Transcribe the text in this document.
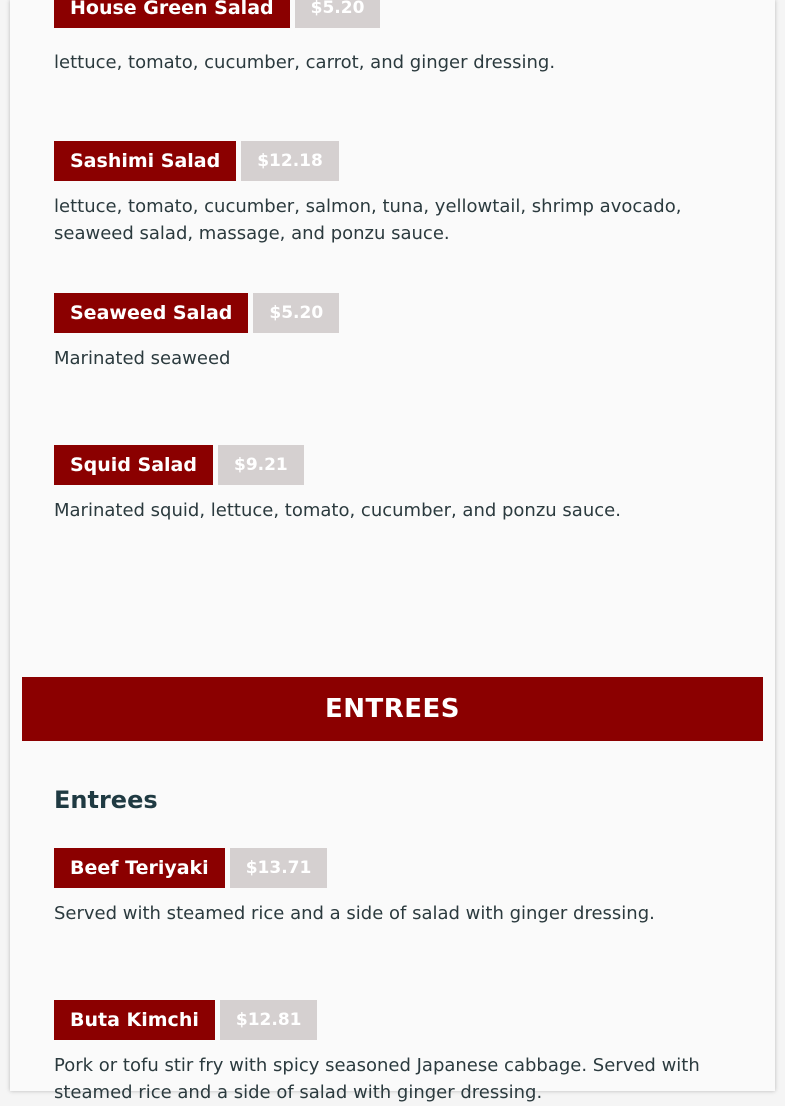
House Green Salad	$5.20
lettuce, tomato, cucumber, carrot, and ginger dressing.
Sashimi Salad	$12.18
lettuce, tomato, cucumber, salmon, tuna, yellowtail, shrimp avocado, seaweed salad, massage, and ponzu sauce.
Seaweed Salad	$5.20
Marinated seaweed
Squid Salad	$9.21
Marinated squid, lettuce, tomato, cucumber, and ponzu sauce.
ENTREES
Entrees
Beef Teriyaki	$13.71
Served with steamed rice and a side of salad with ginger dressing.
Buta Kimchi	$12.81
Pork or tofu stir fry with spicy seasoned Japanese cabbage. Served with steamed rice and a side of salad with ginger dressing.
